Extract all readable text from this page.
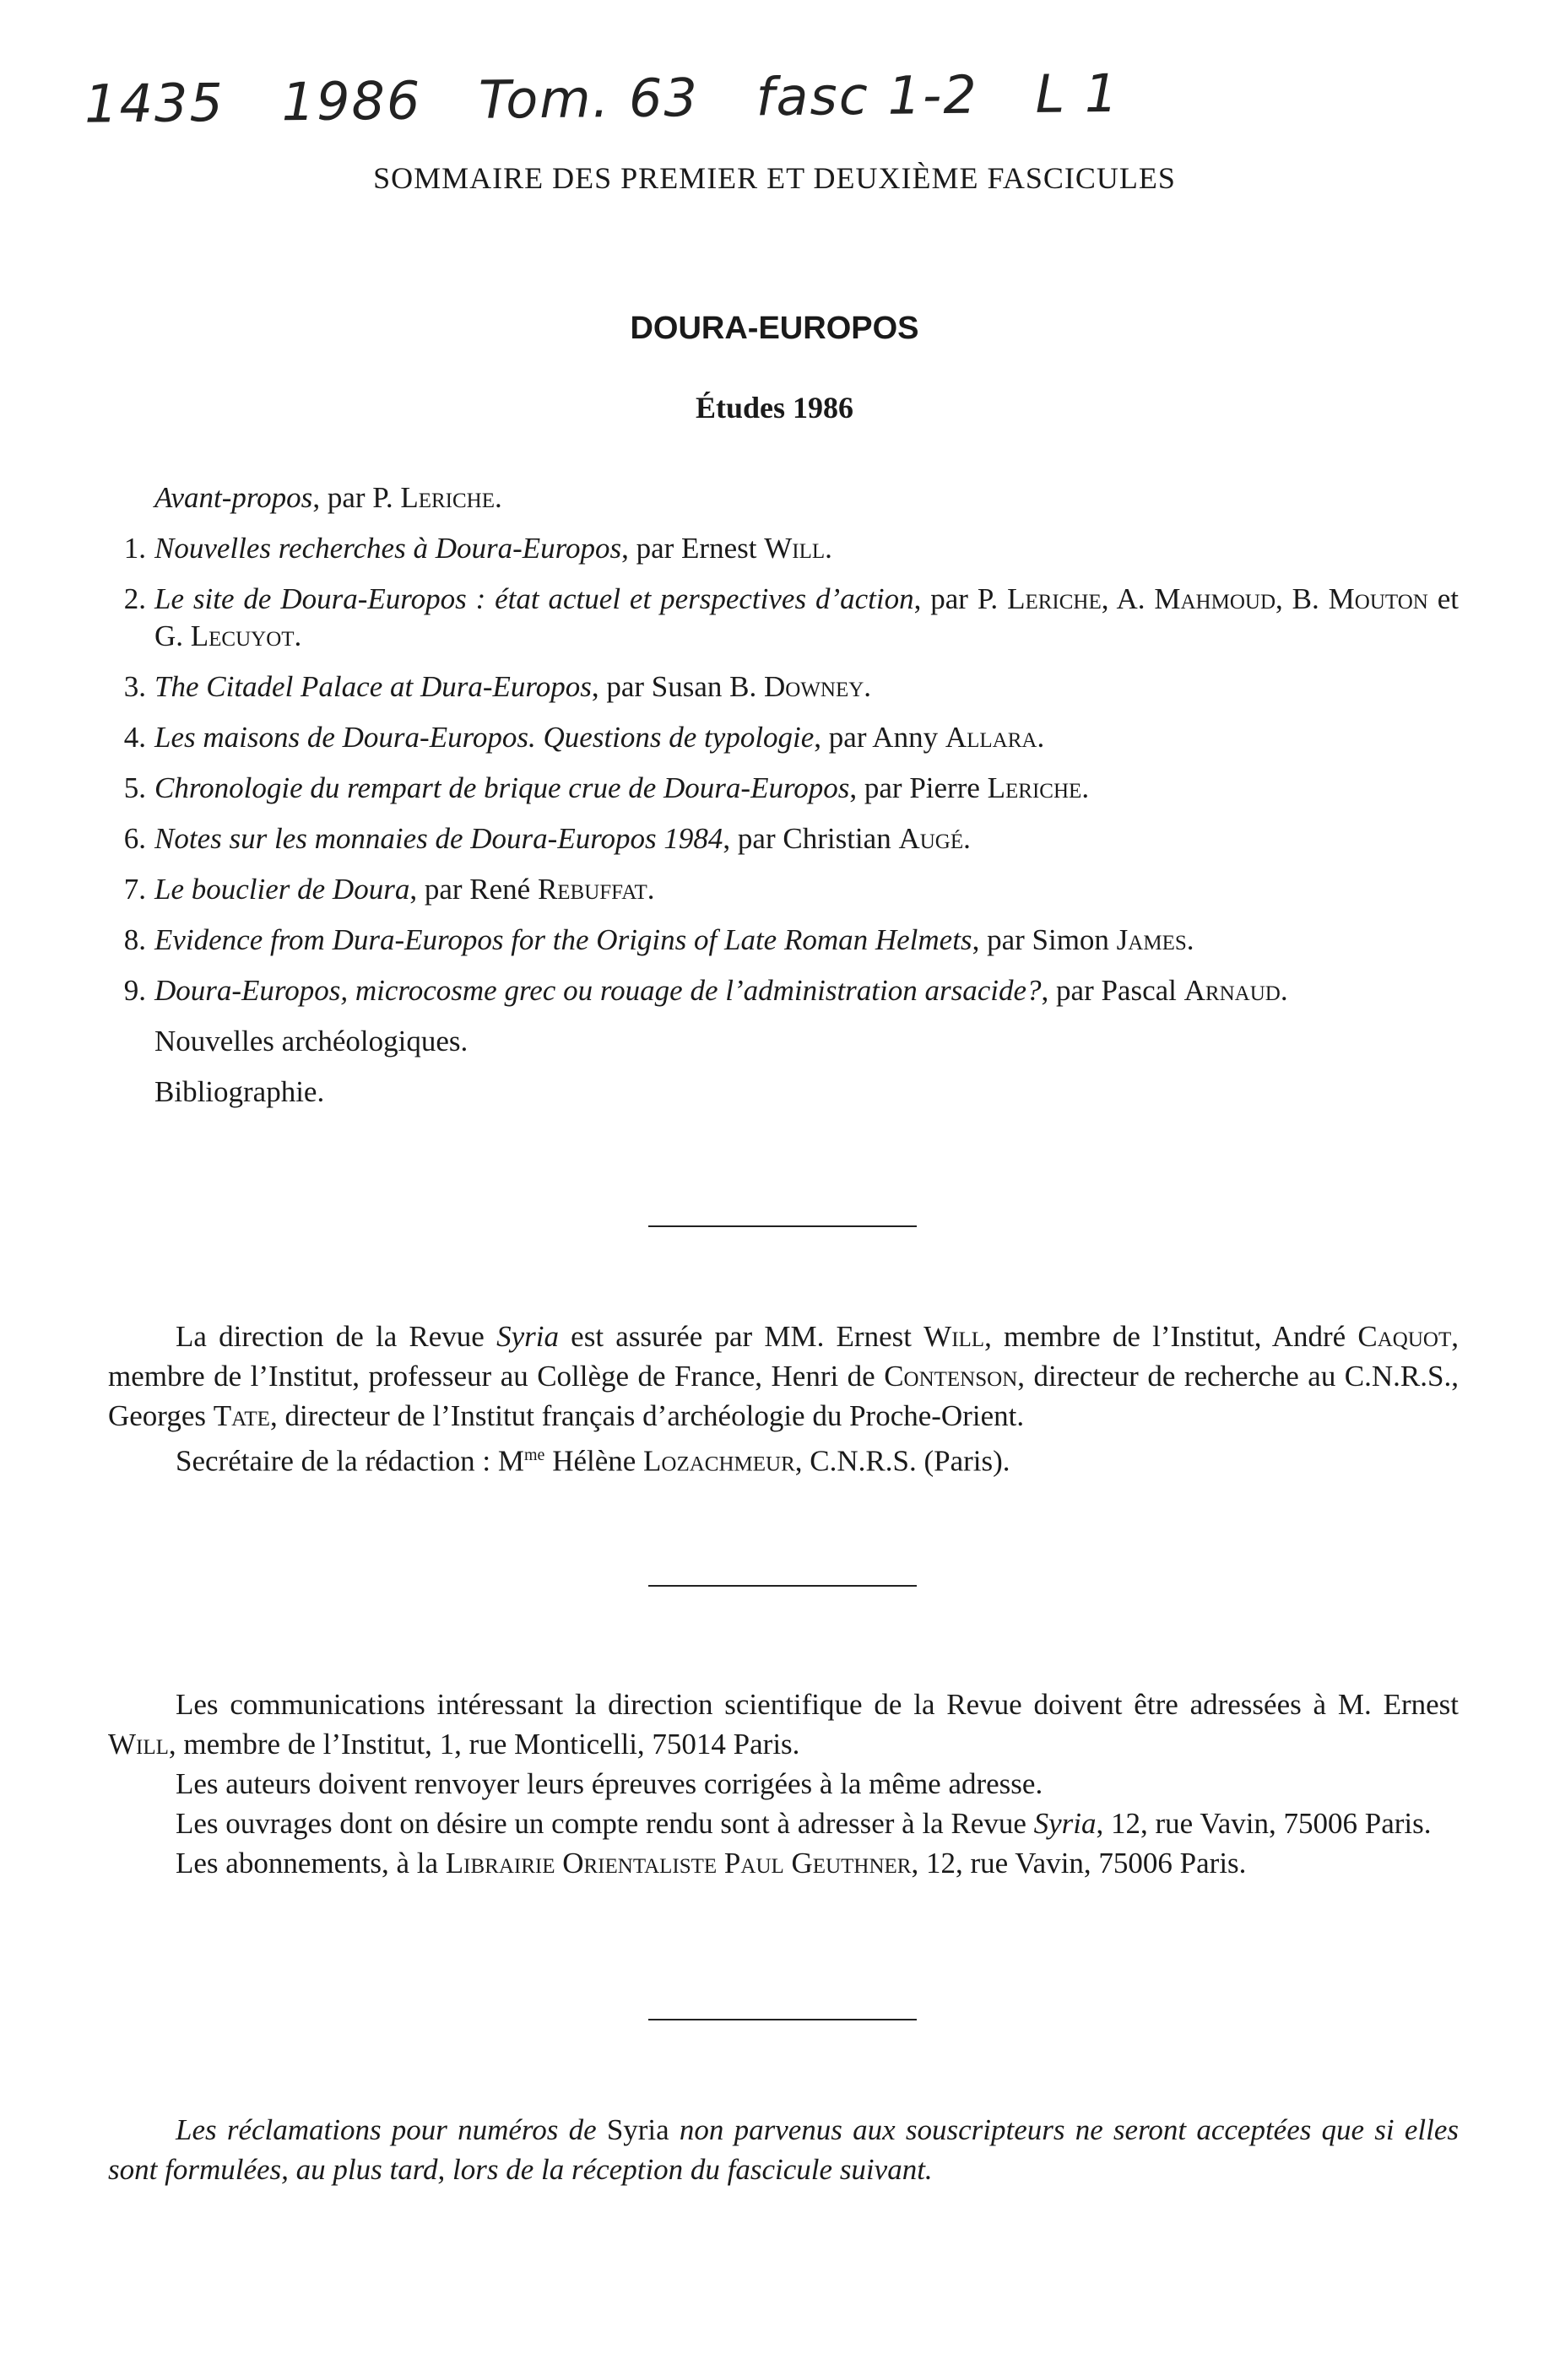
1435 1986 Tom. 63 fasc 1-2 L 1
SOMMAIRE DES PREMIER ET DEUXIÈME FASCICULES
DOURA-EUROPOS
Études 1986
Avant-propos, par P. Leriche.
1. Nouvelles recherches à Doura-Europos, par Ernest Will.
2. Le site de Doura-Europos : état actuel et perspectives d’action, par P. Leriche, A. Mahmoud, B. Mouton et G. Lecuyot.
3. The Citadel Palace at Dura-Europos, par Susan B. Downey.
4. Les maisons de Doura-Europos. Questions de typologie, par Anny Allara.
5. Chronologie du rempart de brique crue de Doura-Europos, par Pierre Leriche.
6. Notes sur les monnaies de Doura-Europos 1984, par Christian Augé.
7. Le bouclier de Doura, par René Rebuffat.
8. Evidence from Dura-Europos for the Origins of Late Roman Helmets, par Simon James.
9. Doura-Europos, microcosme grec ou rouage de l’administration arsacide?, par Pascal Arnaud.
Nouvelles archéologiques.
Bibliographie.

La direction de la Revue Syria est assurée par MM. Ernest Will, membre de l’Institut, André Caquot, membre de l’Institut, professeur au Collège de France, Henri de Contenson, directeur de recherche au C.N.R.S., Georges Tate, directeur de l’Institut français d’archéologie du Proche-Orient.

Secrétaire de la rédaction : $M^{me}$ Hélène Lozachmeur, C.N.R.S. (Paris).

Les communications intéressant la direction scientifique de la Revue doivent être adressées à M. Ernest Will, membre de l’Institut, 1, rue Monticelli, 75014 Paris.

Les auteurs doivent renvoyer leurs épreuves corrigées à la même adresse.

Les ouvrages dont on désire un compte rendu sont à adresser à la Revue Syria, 12, rue Vavin, 75006 Paris.

Les abonnements, à la Librairie Orientaliste Paul Geuthner, 12, rue Vavin, 75006 Paris.

Les réclamations pour numéros de Syria non parvenus aux souscripteurs ne seront acceptées que si elles sont formulées, au plus tard, lors de la réception du fascicule suivant.
